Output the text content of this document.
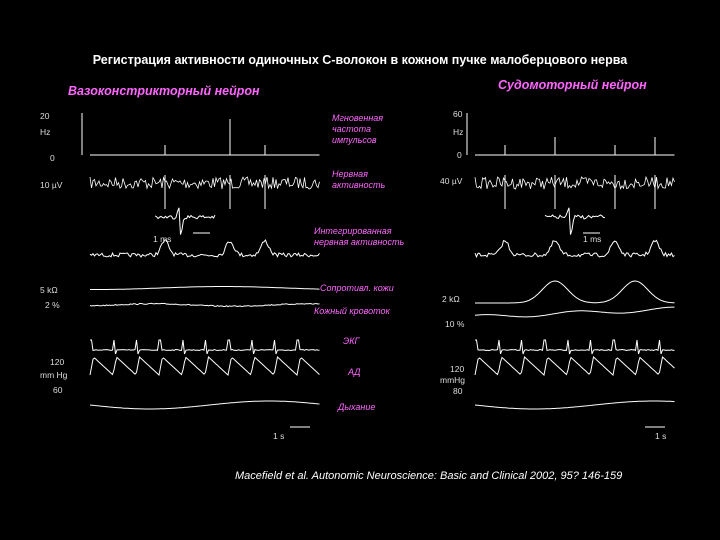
Регистрация активности одиночных С-волокон в кожном пучке малоберцового нерва
Вазоконстрикторный нейрон	Судомоторный нейрон
Мгновенная
частота
импульсов
Нервная
активность
Интегрированная
нервная активность
Сопротивл. кожи
Кожный кровоток
ЭКГ
АД
Дыхание
20
Hz
0
10 µV
1 ms
5 kΩ
2 %
120
mm Hg
60
1 s
60
Hz
0
40 µV
1 ms
2 kΩ
10 %
120
mmHg
80
1 s
Macefield et al. Autonomic Neuroscience: Basic and Clinical 2002, 95? 146-159
